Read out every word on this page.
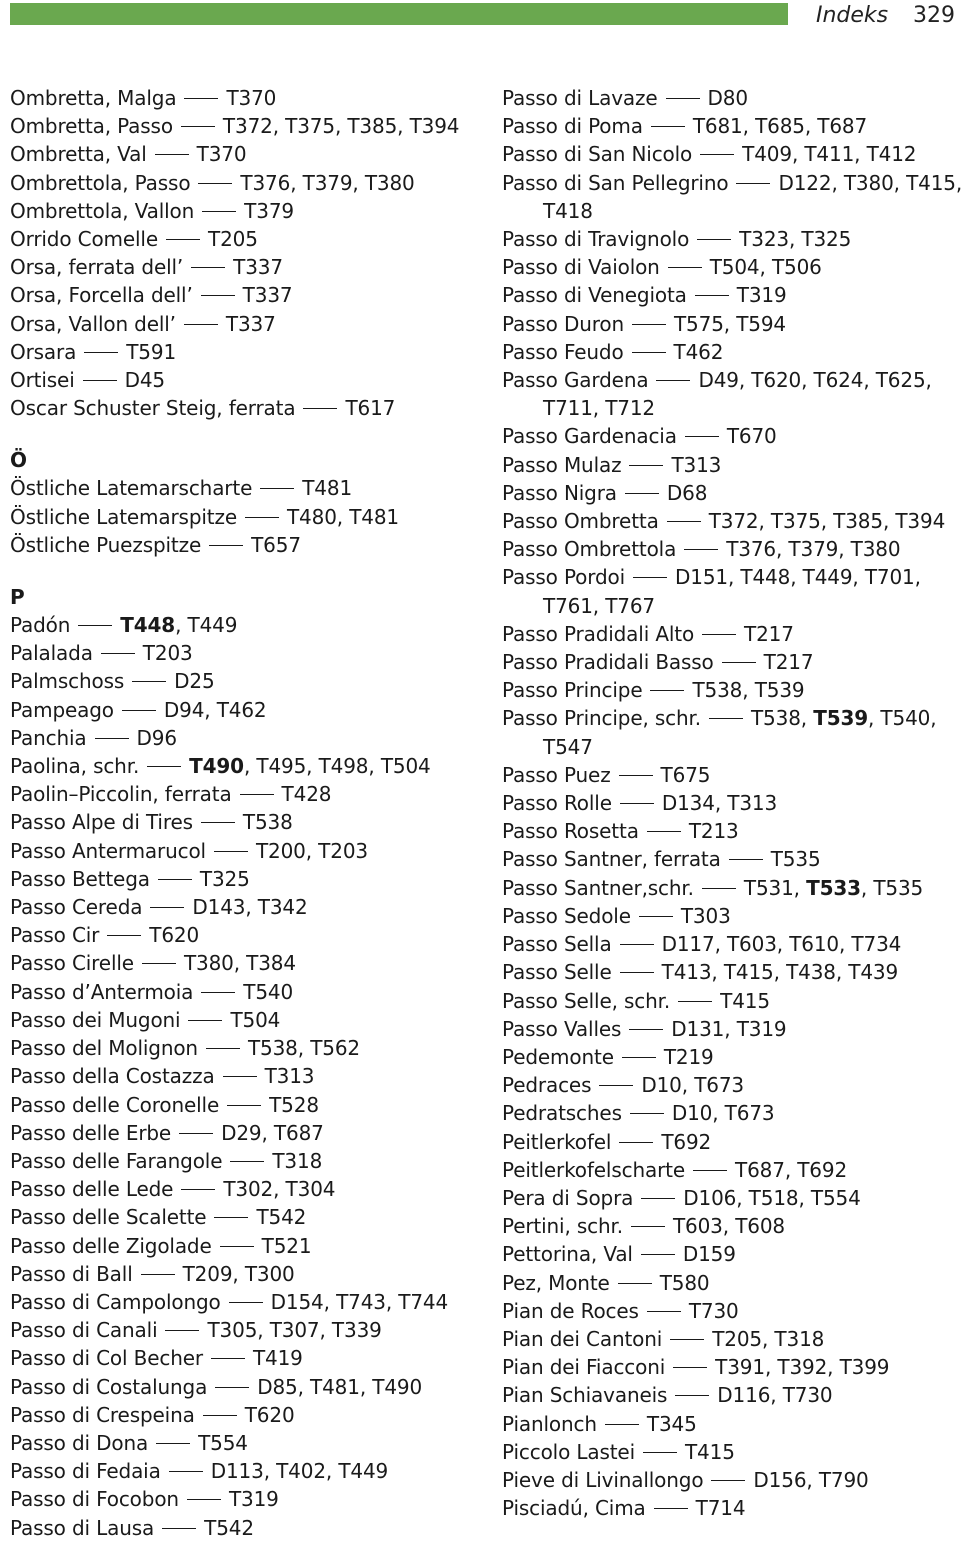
Indeks 329
Ombretta, Malga	T370
Ombretta, Passo	T372, T375, T385, T394
Ombretta, Val	T370
Ombrettola, Passo	T376, T379, T380
Ombrettola, Vallon	T379
Orrido Comelle	T205
Orsa, ferrata dell’	T337
Orsa, Forcella dell’	T337
Orsa, Vallon dell’	T337
Orsara	T591
Ortisei	D45
Oscar Schuster Steig, ferrata	T617
Ö
Östliche Latemarscharte	T481
Östliche Latemarspitze	T480, T481
Östliche Puezspitze	T657
P
Padón	T448, T449
Palalada	T203
Palmschoss	D25
Pampeago	D94, T462
Panchia	D96
Paolina, schr.	T490, T495, T498, T504
Paolin–Piccolin, ferrata	T428
Passo Alpe di Tires	T538
Passo Antermarucol	T200, T203
Passo Bettega	T325
Passo Cereda	D143, T342
Passo Cir	T620
Passo Cirelle	T380, T384
Passo d’Antermoia	T540
Passo dei Mugoni	T504
Passo del Molignon	T538, T562
Passo della Costazza	T313
Passo delle Coronelle	T528
Passo delle Erbe	D29, T687
Passo delle Farangole	T318
Passo delle Lede	T302, T304
Passo delle Scalette	T542
Passo delle Zigolade	T521
Passo di Ball	T209, T300
Passo di Campolongo	D154, T743, T744
Passo di Canali	T305, T307, T339
Passo di Col Becher	T419
Passo di Costalunga	D85, T481, T490
Passo di Crespeina	T620
Passo di Dona	T554
Passo di Fedaia	D113, T402, T449
Passo di Focobon	T319
Passo di Lausa	T542
Passo di Lavaze	D80
Passo di Poma	T681, T685, T687
Passo di San Nicolo	T409, T411, T412
Passo di San Pellegrino	D122, T380, T415,
T418
Passo di Travignolo	T323, T325
Passo di Vaiolon	T504, T506
Passo di Venegiota	T319
Passo Duron	T575, T594
Passo Feudo	T462
Passo Gardena	D49, T620, T624, T625,
T711, T712
Passo Gardenacia	T670
Passo Mulaz	T313
Passo Nigra	D68
Passo Ombretta	T372, T375, T385, T394
Passo Ombrettola	T376, T379, T380
Passo Pordoi	D151, T448, T449, T701,
T761, T767
Passo Pradidali Alto	T217
Passo Pradidali Basso	T217
Passo Principe	T538, T539
Passo Principe, schr.	T538, T539, T540,
T547
Passo Puez	T675
Passo Rolle	D134, T313
Passo Rosetta	T213
Passo Santner, ferrata	T535
Passo Santner,schr.	T531, T533, T535
Passo Sedole	T303
Passo Sella	D117, T603, T610, T734
Passo Selle	T413, T415, T438, T439
Passo Selle, schr.	T415
Passo Valles	D131, T319
Pedemonte	T219
Pedraces	D10, T673
Pedratsches	D10, T673
Peitlerkofel	T692
Peitlerkofelscharte	T687, T692
Pera di Sopra	D106, T518, T554
Pertini, schr.	T603, T608
Pettorina, Val	D159
Pez, Monte	T580
Pian de Roces	T730
Pian dei Cantoni	T205, T318
Pian dei Fiacconi	T391, T392, T399
Pian Schiavaneis	D116, T730
Pianlonch	T345
Piccolo Lastei	T415
Pieve di Livinallongo	D156, T790
Pisciadú, Cima	T714
